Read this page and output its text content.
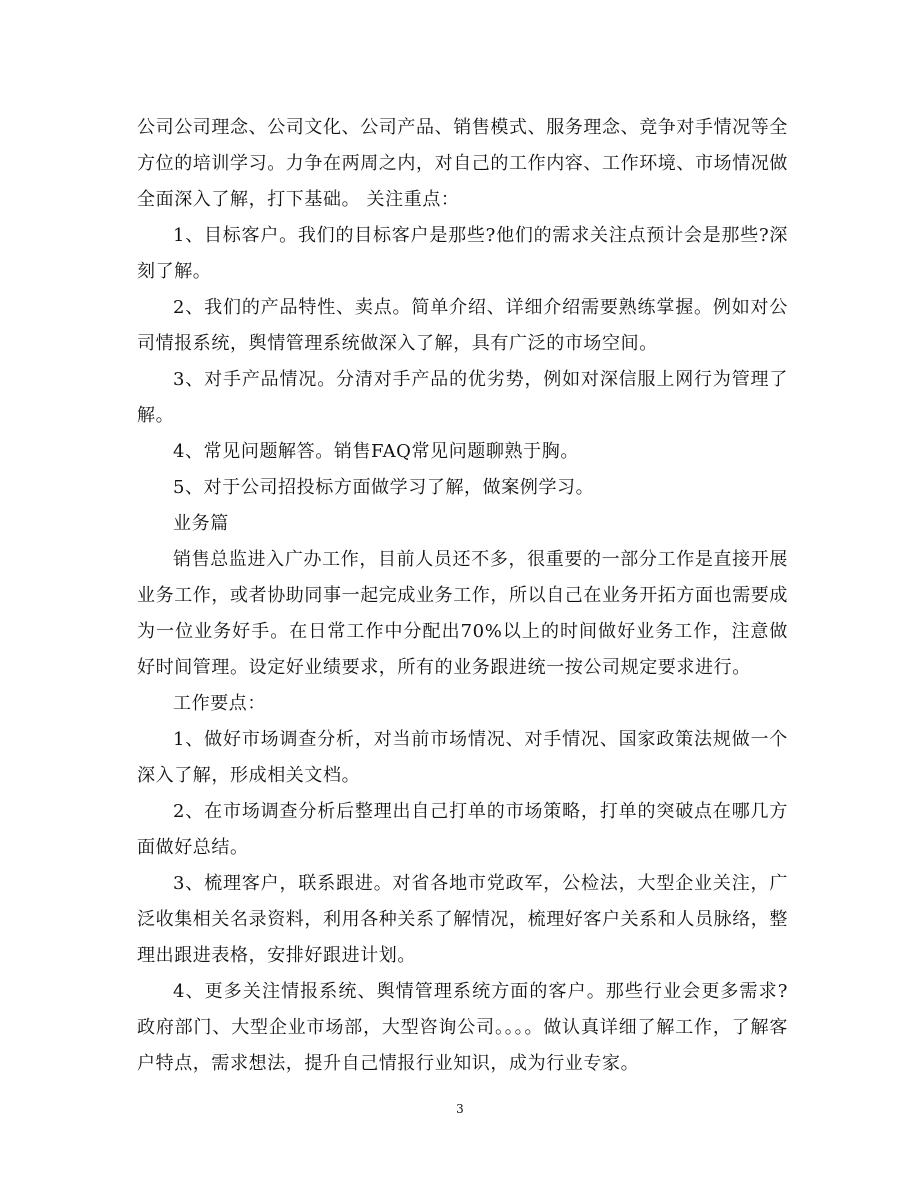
公司公司理念、公司文化、公司产品、销售模式、服务理念、竞争对手情况等全方位的培训学习。力争在两周之内，对自己的工作内容、工作环境、市场情况做全面深入了解，打下基础。 关注重点：

1、目标客户。我们的目标客户是那些?他们的需求关注点预计会是那些?深刻了解。

2、我们的产品特性、卖点。简单介绍、详细介绍需要熟练掌握。例如对公司情报系统，舆情管理系统做深入了解，具有广泛的市场空间。

3、对手产品情况。分清对手产品的优劣势，例如对深信服上网行为管理了解。

4、常见问题解答。销售FAQ常见问题聊熟于胸。

5、对于公司招投标方面做学习了解，做案例学习。

业务篇

销售总监进入广办工作，目前人员还不多，很重要的一部分工作是直接开展业务工作，或者协助同事一起完成业务工作，所以自己在业务开拓方面也需要成为一位业务好手。在日常工作中分配出70%以上的时间做好业务工作，注意做好时间管理。设定好业绩要求，所有的业务跟进统一按公司规定要求进行。

工作要点：

1、做好市场调查分析，对当前市场情况、对手情况、国家政策法规做一个深入了解，形成相关文档。

2、在市场调查分析后整理出自己打单的市场策略，打单的突破点在哪几方面做好总结。

3、梳理客户，联系跟进。对省各地市党政军，公检法，大型企业关注，广泛收集相关名录资料，利用各种关系了解情况，梳理好客户关系和人员脉络，整理出跟进表格，安排好跟进计划。

4、更多关注情报系统、舆情管理系统方面的客户。那些行业会更多需求?政府部门、大型企业市场部，大型咨询公司。。。。做认真详细了解工作，了解客户特点，需求想法，提升自己情报行业知识，成为行业专家。

3
